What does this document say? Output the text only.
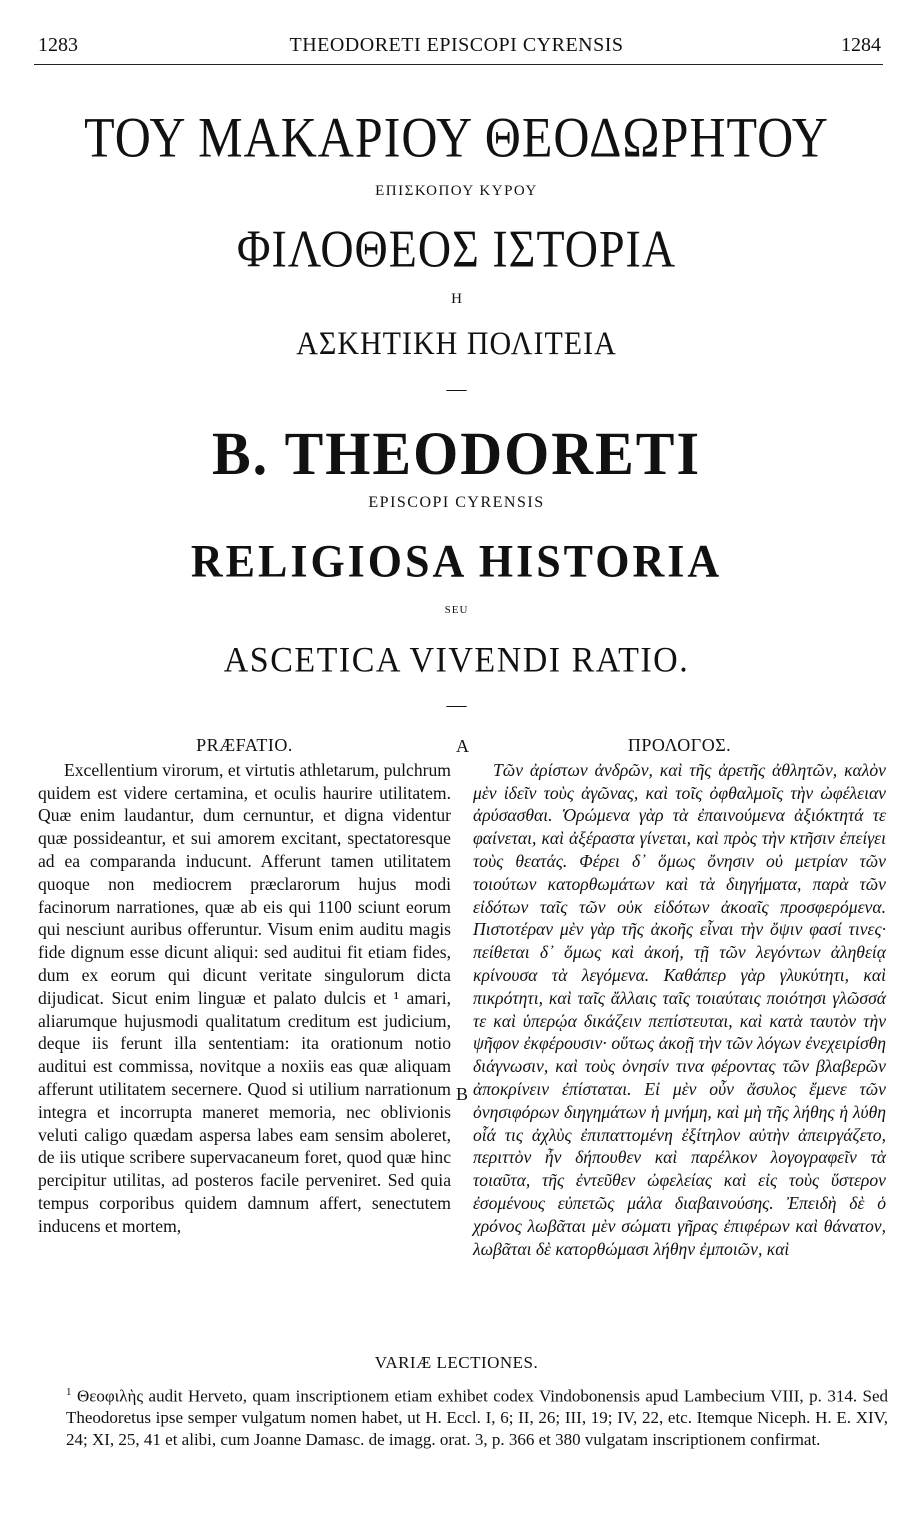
1283	THEODORETI EPISCOPI CYRENSIS	1284
ΤΟΥ ΜΑΚΑΡΙΟΥ ΘΕΟΔΩΡΗΤΟΥ
ΕΠΙΣΚΟΠΟΥ ΚΥΡΟΥ
ΦΙΛΟΘΕΟΣ ΙΣΤΟΡΙΑ
Η
ΑΣΚΗΤΙΚΗ ΠΟΛΙΤΕΙΑ
—
B. THEODORETI
EPISCOPI CYRENSIS
RELIGIOSA HISTORIA
SEU
ASCETICA VIVENDI RATIO.
—
PRÆFATIO.

Excellentium virorum, et virtutis athletarum, pulchrum quidem est videre certamina, et oculis haurire utilitatem. Quæ enim laudantur, dum cernuntur, et digna videntur quæ possideantur, et sui amorem excitant, spectatoresque ad ea comparanda inducunt. Afferunt tamen utilitatem quoque non mediocrem præclarorum hujus modi facinorum narrationes, quæ ab eis qui 1100 sciunt eorum qui nesciunt auribus offeruntur. Visum enim auditu magis fide dignum esse dicunt aliqui: sed auditui fit etiam fides, dum ex eorum qui dicunt veritate singulorum dicta dijudicat. Sicut enim linguæ et palato dulcis et ¹ amari, aliarumque hujusmodi qualitatum creditum est judicium, deque iis ferunt illa sententiam: ita orationum notio auditui est commissa, novitque a noxiis eas quæ aliquam afferunt utilitatem secernere. Quod si utilium narrationum integra et incorrupta maneret memoria, nec oblivionis veluti caligo quædam aspersa labes eam sensim aboleret, de iis utique scribere supervacaneum foret, quod quæ hinc percipitur utilitas, ad posteros facile perveniret. Sed quia tempus corporibus quidem damnum affert, senectutem inducens et mortem,

A
B
ΠΡΟΛΟΓΟΣ.

Τῶν ἀρίστων ἀνδρῶν, καὶ τῆς ἀρετῆς ἀθλητῶν, καλὸν μὲν ἰδεῖν τοὺς ἀγῶνας, καὶ τοῖς ὀφθαλμοῖς τὴν ὠφέλειαν ἀρύσασθαι. Ὁρώμενα γὰρ τὰ ἐπαινούμενα ἀξιόκτητά τε φαίνεται, καὶ ἀξέραστα γίνεται, καὶ πρὸς τὴν κτῆσιν ἐπείγει τοὺς θεατάς. Φέρει δ᾽ ὅμως ὄνησιν οὐ μετρίαν τῶν τοιούτων κατορθωμάτων καὶ τὰ διηγήματα, παρὰ τῶν εἰδότων ταῖς τῶν οὐκ εἰδότων ἀκοαῖς προσφερόμενα. Πιστοτέραν μὲν γὰρ τῆς ἀκοῆς εἶναι τὴν ὄψιν φασί τινες· πείθεται δ᾽ ὅμως καὶ ἀκοή, τῇ τῶν λεγόντων ἀληθείᾳ κρίνουσα τὰ λεγόμενα. Καθάπερ γὰρ γλυκύτητι, καὶ πικρότητι, καὶ ταῖς ἄλλαις ταῖς τοιαύταις ποιότησι γλῶσσά τε καὶ ὑπερῴα δικάζειν πεπίστευται, καὶ κατὰ ταυτὸν τὴν ψῆφον ἐκφέρουσιν· οὕτως ἀκοῇ τὴν τῶν λόγων ἐνεχειρίσθη διάγνωσιν, καὶ τοὺς ὀνησίν τινα φέροντας τῶν βλαβερῶν ἀποκρίνειν ἐπίσταται. Εἰ μὲν οὖν ἄσυλος ἔμενε τῶν ὀνησιφόρων διηγημάτων ἡ μνήμη, καὶ μὴ τῆς λήθης ἡ λύθη οἷά τις ἀχλὺς ἐπιπαττομένη ἐξίτηλον αὐτὴν ἀπειργάζετο, περιττὸν ἦν δήπουθεν καὶ παρέλκον λογογραφεῖν τὰ τοιαῦτα, τῆς ἐντεῦθεν ὠφελείας καὶ εἰς τοὺς ὕστερον ἐσομένους εὐπετῶς μάλα διαβαινούσης. Ἐπειδὴ δὲ ὁ χρόνος λωβᾶται μὲν σώματι γῆρας ἐπιφέρων καὶ θάνατον, λωβᾶται δὲ κατορθώμασι λήθην ἐμποιῶν, καὶ

VARIÆ LECTIONES.
$^1$ Θεοφιλὴς audit Herveto, quam inscriptionem etiam exhibet codex Vindobonensis apud Lambecium VIII, p. 314. Sed Theodoretus ipse semper vulgatum nomen habet, ut H. Eccl. I, 6; II, 26; III, 19; IV, 22, etc. Itemque Niceph. H. E. XIV, 24; XI, 25, 41 et alibi, cum Joanne Damasc. de imagg. orat. 3, p. 366 et 380 vulgatam inscriptionem confirmat.
